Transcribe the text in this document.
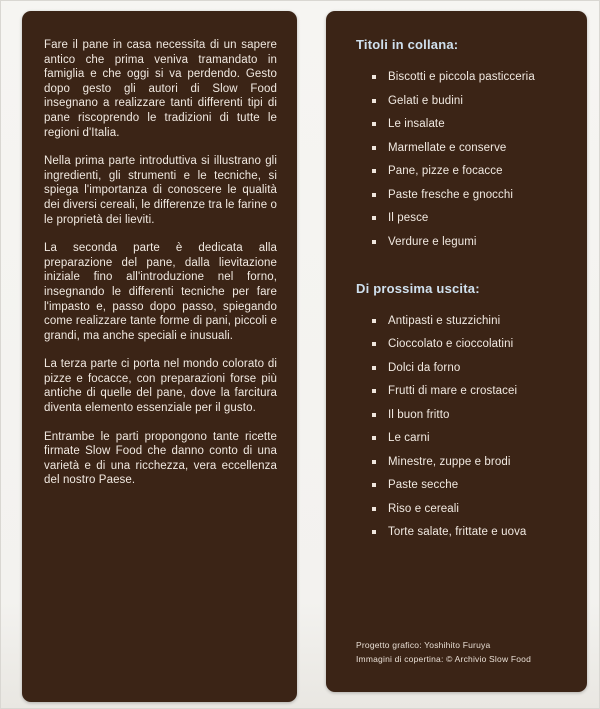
Fare il pane in casa necessita di un sapere antico che prima veniva tramandato in famiglia e che oggi si va perdendo. Gesto dopo gesto gli autori di Slow Food insegnano a realizzare tanti differenti tipi di pane riscoprendo le tradizioni di tutte le regioni d'Italia.

Nella prima parte introduttiva si illustrano gli ingredienti, gli strumenti e le tecniche, si spiega l'importanza di conoscere le qualità dei diversi cereali, le differenze tra le farine o le proprietà dei lieviti.

La seconda parte è dedicata alla preparazione del pane, dalla lievitazione iniziale fino all'introduzione nel forno, insegnando le differenti tecniche per fare l'impasto e, passo dopo passo, spiegando come realizzare tante forme di pani, piccoli e grandi, ma anche speciali e inusuali.

La terza parte ci porta nel mondo colorato di pizze e focacce, con preparazioni forse più antiche di quelle del pane, dove la farcitura diventa elemento essenziale per il gusto.

Entrambe le parti propongono tante ricette firmate Slow Food che danno conto di una varietà e di una ricchezza, vera eccellenza del nostro Paese.

Titoli in collana:
Biscotti e piccola pasticceria
Gelati e budini
Le insalate
Marmellate e conserve
Pane, pizze e focacce
Paste fresche e gnocchi
Il pesce
Verdure e legumi
Di prossima uscita:
Antipasti e stuzzichini
Cioccolato e cioccolatini
Dolci da forno
Frutti di mare e crostacei
Il buon fritto
Le carni
Minestre, zuppe e brodi
Paste secche
Riso e cereali
Torte salate, frittate e uova
Progetto grafico: Yoshihito Furuya
Immagini di copertina: © Archivio Slow Food
